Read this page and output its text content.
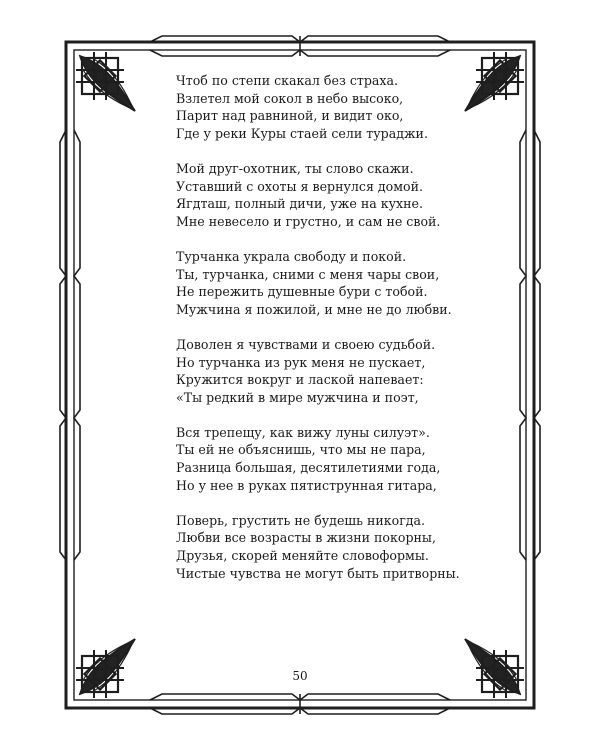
Чтоб по степи скакал без страха.
Взлетел мой сокол в небо высоко,
Парит над равниной, и видит око,
Где у реки Куры стаей сели тураджи.
Мой друг-охотник, ты слово скажи.
Уставший с охоты я вернулся домой.
Ягдташ, полный дичи, уже на кухне.
Мне невесело и грустно, и сам не свой.
Турчанка украла свободу и покой.
Ты, турчанка, сними с меня чары свои,
Не пережить душевные бури с тобой.
Мужчина я пожилой, и мне не до любви.
Доволен я чувствами и своею судьбой.
Но турчанка из рук меня не пускает,
Кружится вокруг и лаской напевает:
«Ты редкий в мире мужчина и поэт,
Вся трепещу, как вижу луны силуэт».
Ты ей не объяснишь, что мы не пара,
Разница большая, десятилетиями года,
Но у нее в руках пятиструнная гитара,
Поверь, грустить не будешь никогда.
Любви все возрасты в жизни покорны,
Друзья, скорей меняйте словоформы.
Чистые чувства не могут быть притворны.
50
